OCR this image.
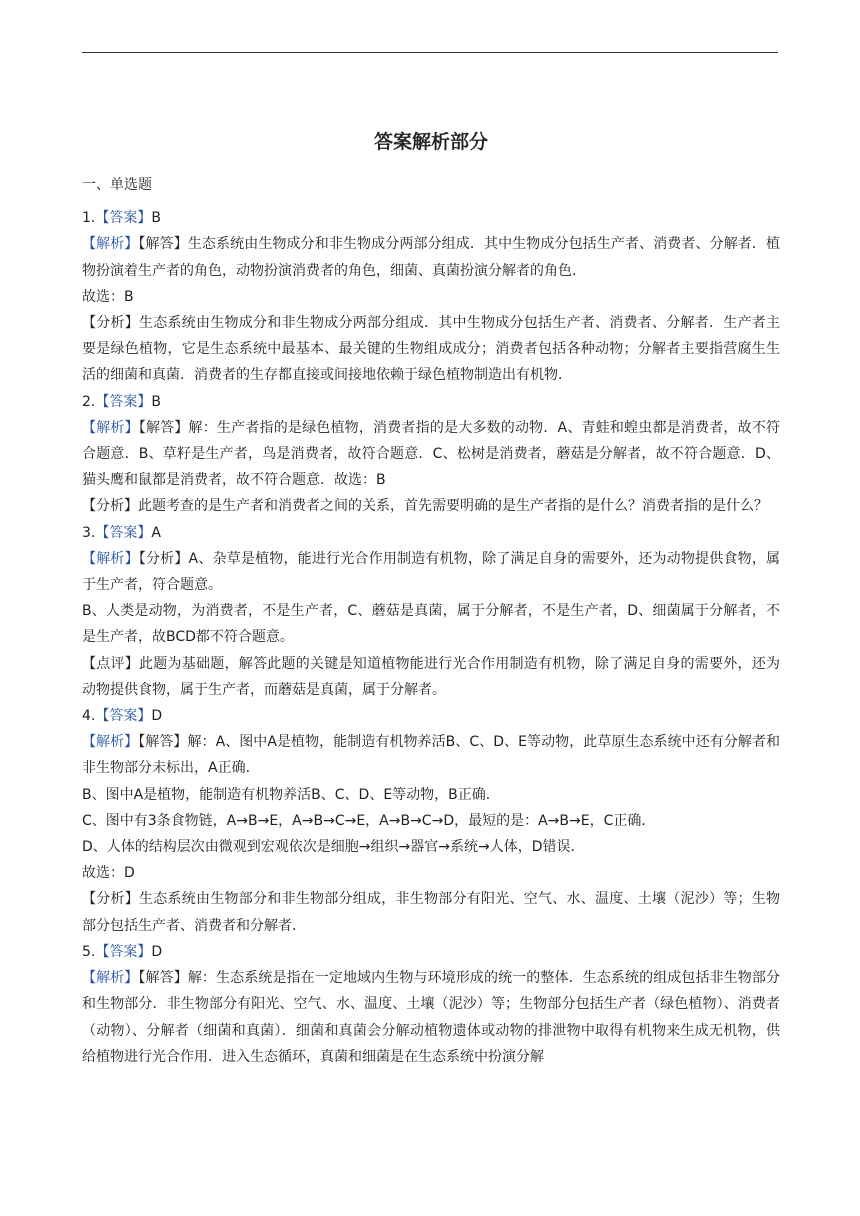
答案解析部分

一、单选题

1.【答案】B

【解析】【解答】生态系统由生物成分和非生物成分两部分组成．其中生物成分包括生产者、消费者、分解者．植物扮演着生产者的角色，动物扮演消费者的角色，细菌、真菌扮演分解者的角色．

故选：B

【分析】生态系统由生物成分和非生物成分两部分组成．其中生物成分包括生产者、消费者、分解者．生产者主要是绿色植物，它是生态系统中最基本、最关键的生物组成成分；消费者包括各种动物；分解者主要指营腐生生活的细菌和真菌．消费者的生存都直接或间接地依赖于绿色植物制造出有机物．

2.【答案】B

【解析】【解答】解：生产者指的是绿色植物，消费者指的是大多数的动物．A、青蛙和蝗虫都是消费者，故不符合题意．B、草籽是生产者，鸟是消费者，故符合题意．C、松树是消费者，蘑菇是分解者，故不符合题意．D、猫头鹰和鼠都是消费者，故不符合题意．故选：B

【分析】此题考查的是生产者和消费者之间的关系，首先需要明确的是生产者指的是什么？消费者指的是什么？

3.【答案】A

【解析】【分析】A、杂草是植物，能进行光合作用制造有机物，除了满足自身的需要外，还为动物提供食物，属于生产者，符合题意。

B、人类是动物，为消费者，不是生产者，C、蘑菇是真菌，属于分解者，不是生产者，D、细菌属于分解者，不是生产者，故BCD都不符合题意。

【点评】此题为基础题，解答此题的关键是知道植物能进行光合作用制造有机物，除了满足自身的需要外，还为动物提供食物，属于生产者，而蘑菇是真菌，属于分解者。

4.【答案】D

【解析】【解答】解：A、图中A是植物，能制造有机物养活B、C、D、E等动物，此草原生态系统中还有分解者和非生物部分未标出，A正确．

B、图中A是植物，能制造有机物养活B、C、D、E等动物，B正确．

C、图中有3条食物链，A→B→E，A→B→C→E，A→B→C→D，最短的是：A→B→E，C正确．

D、人体的结构层次由微观到宏观依次是细胞→组织→器官→系统→人体，D错误．

故选：D

【分析】生态系统由生物部分和非生物部分组成，非生物部分有阳光、空气、水、温度、土壤（泥沙）等；生物部分包括生产者、消费者和分解者．

5.【答案】D

【解析】【解答】解：生态系统是指在一定地域内生物与环境形成的统一的整体．生态系统的组成包括非生物部分和生物部分．非生物部分有阳光、空气、水、温度、土壤（泥沙）等；生物部分包括生产者（绿色植物）、消费者（动物）、分解者（细菌和真菌）．细菌和真菌会分解动植物遗体或动物的排泄物中取得有机物来生成无机物，供给植物进行光合作用．进入生态循环，真菌和细菌是在生态系统中扮演分解
